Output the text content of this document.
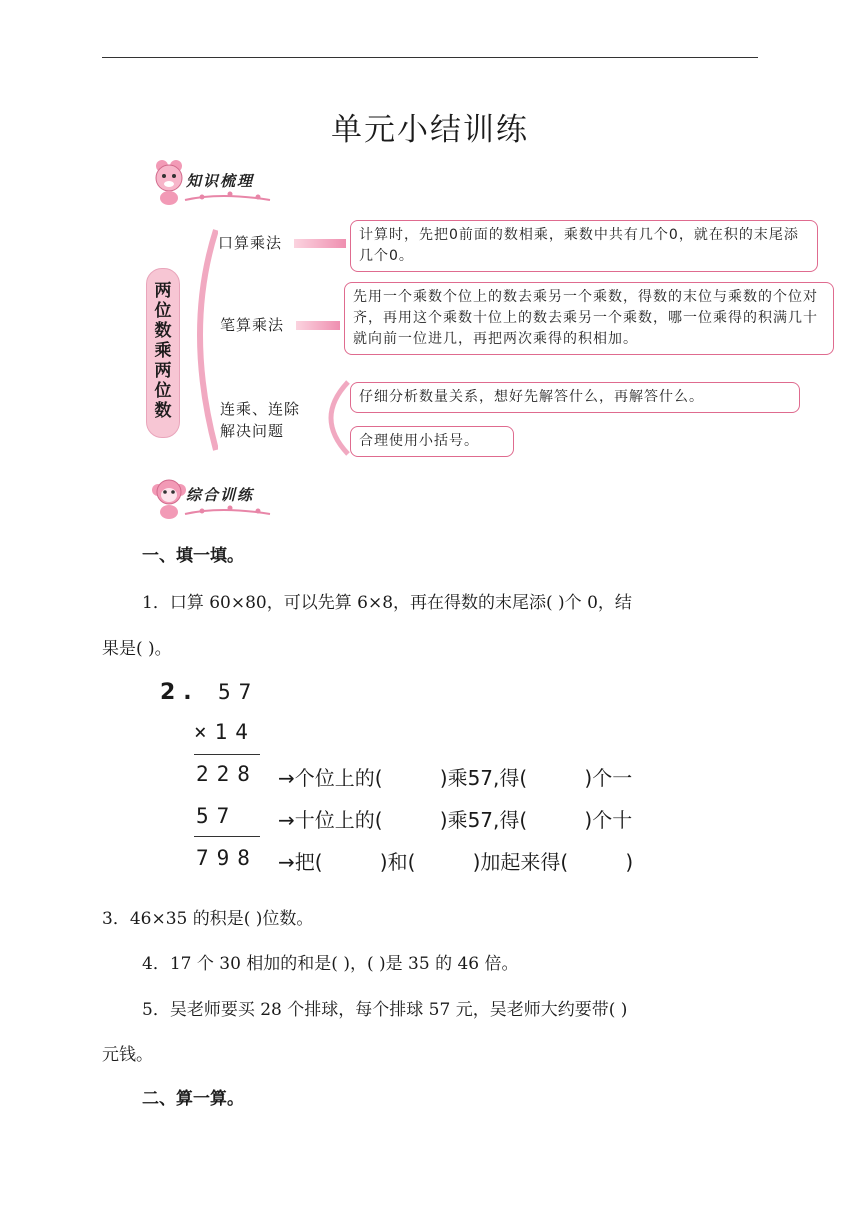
单元小结训练
知识梳理
两
位
数
乘
两
位
数
口算乘法
笔算乘法
连乘、连除
解决问题
计算时，先把0前面的数相乘，乘数中共有几个0，就在积的末尾添几个0。
先用一个乘数个位上的数去乘另一个乘数，得数的末位与乘数的个位对齐，再用这个乘数十位上的数去乘另一个乘数，哪一位乘得的积满几十就向前一位进几，再把两次乘得的积相加。
仔细分析数量关系，想好先解答什么，再解答什么。
合理使用小括号。
综合训练
一、填一填。
1．口算 60×80，可以先算 6×8，再在得数的末尾添( )个 0，结
果是( )。
2. 57
×14
228 →个位上的(         )乘57,得(         )个一
57 →十位上的(         )乘57,得(         )个十
798 →把(         )和(         )加起来得(         )
3．46×35 的积是( )位数。
4．17 个 30 相加的和是( )，( )是 35 的 46 倍。
5．吴老师要买 28 个排球，每个排球 57 元，吴老师大约要带( )
元钱。
二、算一算。
